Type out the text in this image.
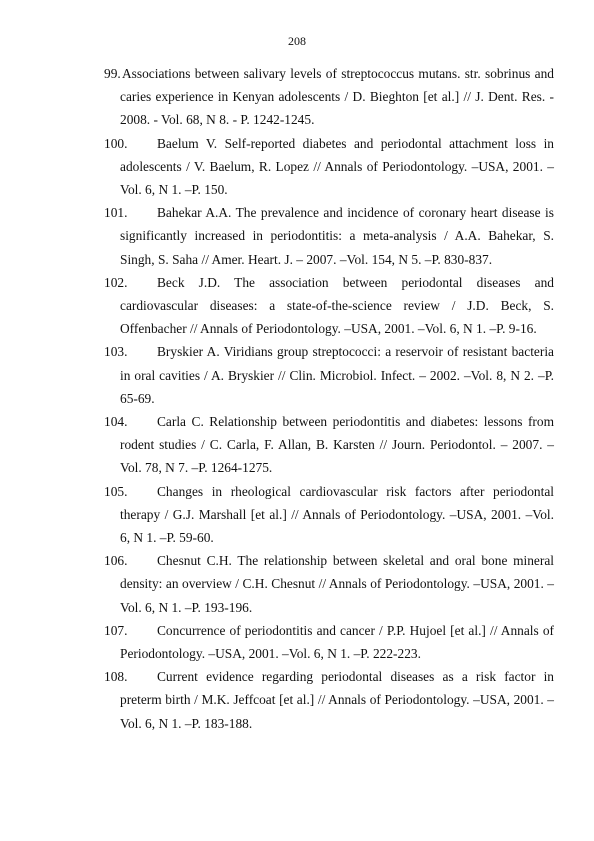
208
99. Associations between salivary levels of streptococcus mutans. str. sobrinus and caries experience in Kenyan adolescents / D. Bieghton [et al.] // J. Dent. Res. - 2008. - Vol. 68, N 8. - P. 1242-1245.
100.	Baelum V. Self-reported diabetes and periodontal attachment loss in adolescents / V. Baelum, R. Lopez // Annals of Periodontology. –USA, 2001. –Vol. 6, N 1. –P. 150.
101.	Bahekar A.A. The prevalence and incidence of coronary heart disease is significantly increased in periodontitis: a meta-analysis / A.A. Bahekar, S. Singh, S. Saha // Amer. Heart. J. – 2007. –Vol. 154, N 5. –P. 830-837.
102.	Beck J.D. The association between periodontal diseases and cardiovascular diseases: a state-of-the-science review / J.D. Beck, S. Offenbacher // Annals of Periodontology. –USA, 2001. –Vol. 6, N 1. –P. 9-16.
103.	Bryskier A. Viridians group streptococci: a reservoir of resistant bacteria in oral cavities / A. Bryskier // Clin. Microbiol. Infect. – 2002. –Vol. 8, N 2. –P. 65-69.
104.	Carla C. Relationship between periodontitis and diabetes: lessons from rodent studies / C. Carla, F. Allan, B. Karsten // Journ. Periodontol. – 2007. –Vol. 78, N 7. –P. 1264-1275.
105.	Changes in rheological cardiovascular risk factors after periodontal therapy / G.J. Marshall [et al.] // Annals of Periodontology. –USA, 2001. –Vol. 6, N 1. –P. 59-60.
106.	Chesnut C.H. The relationship between skeletal and oral bone mineral density: an overview / C.H. Chesnut // Annals of Periodontology. –USA, 2001. –Vol. 6, N 1. –P. 193-196.
107.	Concurrence of periodontitis and cancer / P.P. Hujoel [et al.] // Annals of Periodontology. –USA, 2001. –Vol. 6, N 1. –P. 222-223.
108.	Current evidence regarding periodontal diseases as a risk factor in preterm birth / M.K. Jeffcoat [et al.] // Annals of Periodontology. –USA, 2001. –Vol. 6, N 1. –P. 183-188.
